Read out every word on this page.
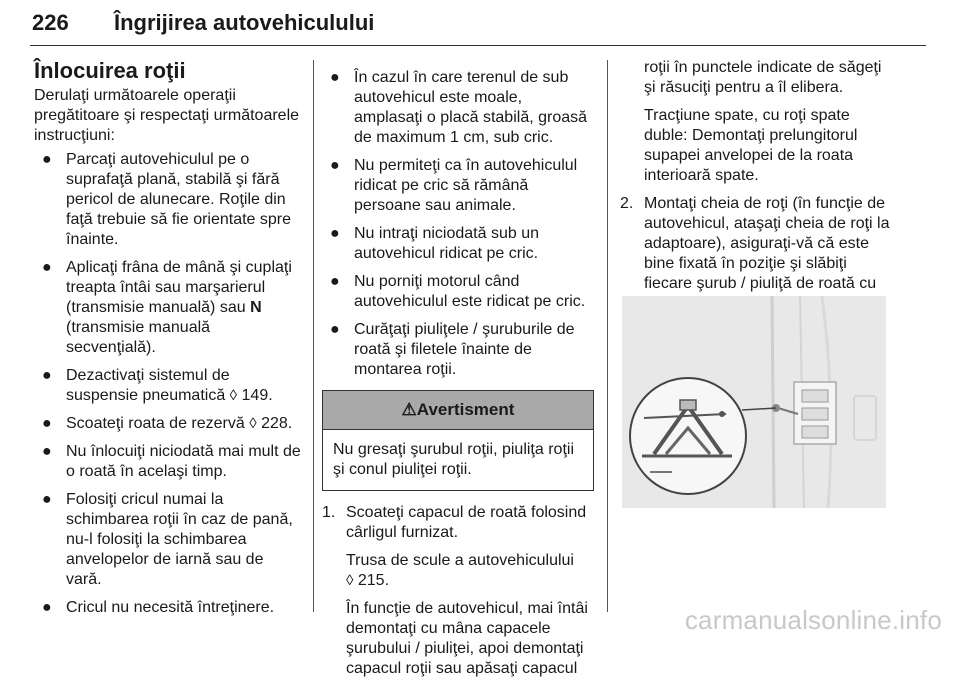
226 Îngrijirea autovehiculului
Înlocuirea roţii

Derulaţi următoarele operaţii pregătitoare şi respectaţi următoarele instrucţiuni:

● Parcaţi autovehiculul pe o suprafaţă plană, stabilă şi fără pericol de alunecare. Roţile din faţă trebuie să fie orientate spre înainte.
● Aplicaţi frâna de mână şi cuplaţi treapta întâi sau marşarierul (transmisie manuală) sau N (transmisie manuală secvenţială).
● Dezactivaţi sistemul de suspensie pneumatică ◊ 149.
● Scoateţi roata de rezervă ◊ 228.
● Nu înlocuiţi niciodată mai mult de o roată în acelaşi timp.
● Folosiţi cricul numai la schimbarea roţii în caz de pană, nu-l folosiţi la schimbarea anvelopelor de iarnă sau de vară.
● Cricul nu necesită întreţinere.
● În cazul în care terenul de sub autovehicul este moale, amplasaţi o placă stabilă, groasă de maximum 1 cm, sub cric.
● Nu permiteţi ca în autovehiculul ridicat pe cric să rămână persoane sau animale.
● Nu intraţi niciodată sub un autovehicul ridicat pe cric.
● Nu porniţi motorul când autovehiculul este ridicat pe cric.
● Curăţaţi piuliţele / şuruburile de roată şi filetele înainte de montarea roţii.
⚠Avertisment
Nu gresaţi şurubul roţii, piuliţa roţii şi conul piuliţei roţii.
1. Scoateţi capacul de roată folosind cârligul furnizat.

Trusa de scule a autovehiculului
◊ 215.

În funcţie de autovehicul, mai întâi demontaţi cu mâna capacele şurubului / piuliţei, apoi demontaţi capacul roţii sau apăsaţi capacul

roţii în punctele indicate de săgeţi şi răsuciţi pentru a îl elibera.

Tracţiune spate, cu roţi spate duble: Demontaţi prelungitorul supapei anvelopei de la roata interioară spate.

2. Montaţi cheia de roţi (în funcţie de autovehicul, ataşaţi cheia de roţi la adaptoare), asiguraţi-vă că este bine fixată în poziţie şi slăbiţi fiecare şurub / piuliţă de roată cu

carmanualsonline.info
